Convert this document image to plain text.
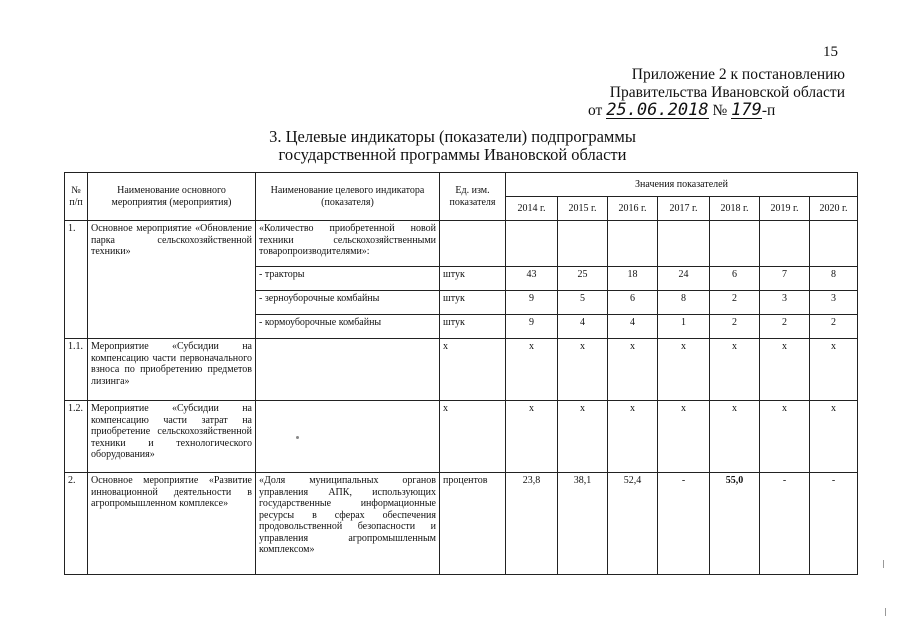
15
Приложение 2 к постановлению
Правительства Ивановской области
от 25.06.2018 № 179-п
3. Целевые индикаторы (показатели) подпрограммы
государственной программы Ивановской области
№ п/п	Наименование основного мероприятия (мероприятия)	Наименование целевого индикатора (показателя)	Ед. изм. показателя	Значения показателей						
				2014 г.	2015 г.	2016 г.	2017 г.	2018 г.	2019 г.	2020 г.
1.	Основное мероприятие «Обновление парка сельскохозяйственной техники»	«Количество приобретенной новой техники сельскохозяйственными товаропроизводителями»:								
		- тракторы	штук	43	25	18	24	6	7	8
		- зерноуборочные комбайны	штук	9	5	6	8	2	3	3
		- кормоуборочные комбайны	штук	9	4	4	1	2	2	2
1.1.	Мероприятие «Субсидии на компенсацию части первоначального взноса по приобретению предметов лизинга»		х	х	х	х	х	х	х	х
1.2.	Мероприятие «Субсидии на компенсацию части затрат на приобретение сельскохозяйственной техники и технологического оборудования»		х	х	х	х	х	х	х	х
2.	Основное мероприятие «Развитие инновационной деятельности в агропромышленном комплексе»	«Доля муниципальных органов управления АПК, использующих государственные информационные ресурсы в сферах обеспечения продовольственной безопасности и управления агропромышленным комплексом»	процентов	23,8	38,1	52,4	-	55,0	-	-
